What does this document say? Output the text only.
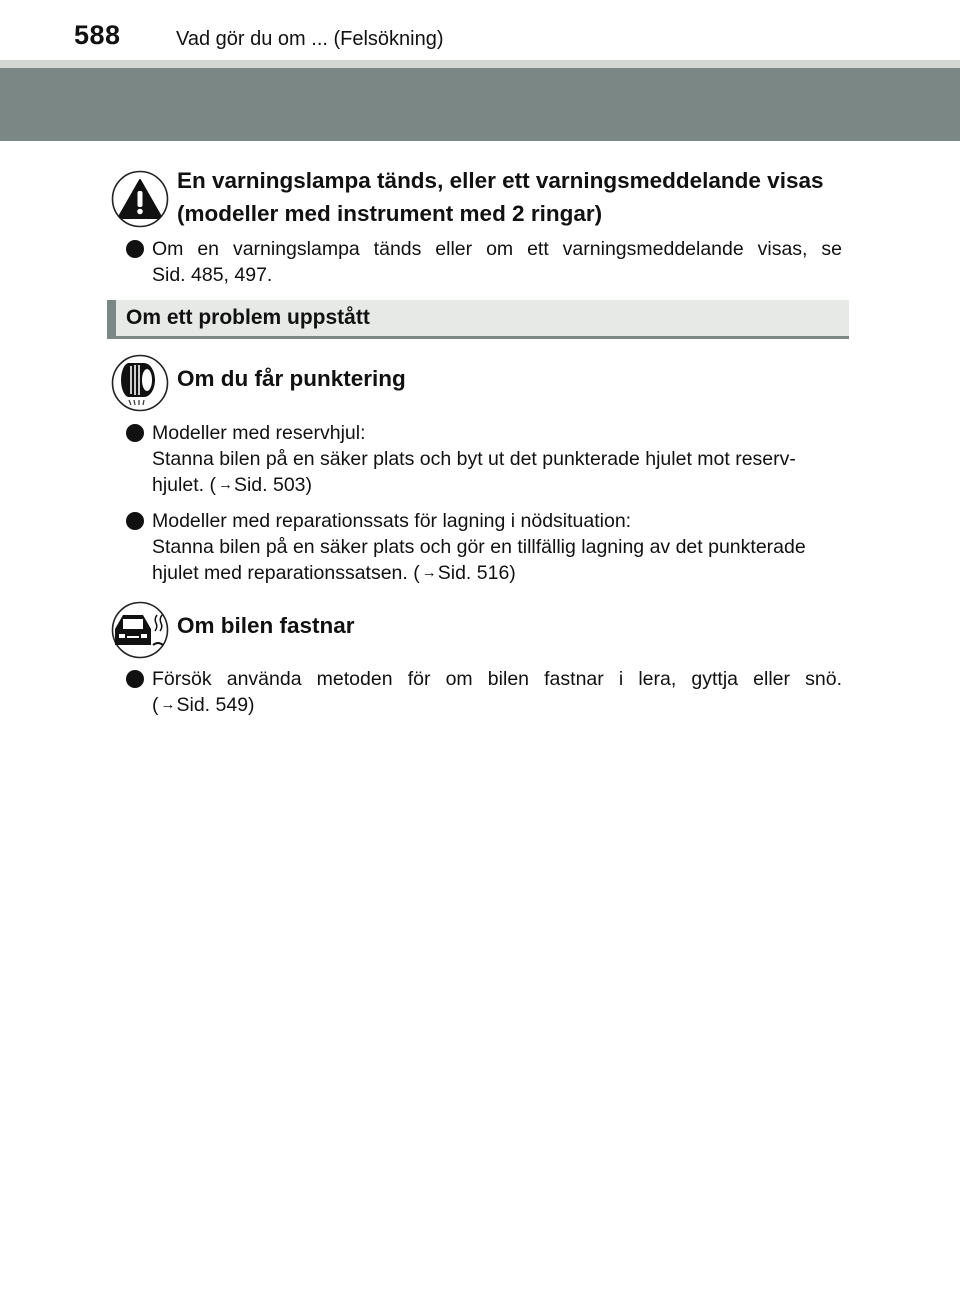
588	Vad gör du om ... (Felsökning)
En varningslampa tänds, eller ett varningsmeddelande visas
(modeller med instrument med 2 ringar)
Om en varningslampa tänds eller om ett varningsmeddelande visas, se
Sid. 485, 497.
Om ett problem uppstått
Om du får punktering
Modeller med reservhjul:
Stanna bilen på en säker plats och byt ut det punkterade hjulet mot reserv-
hjulet. ( →Sid. 503)
Modeller med reparationssats för lagning i nödsituation:
Stanna bilen på en säker plats och gör en tillfällig lagning av det punkterade
hjulet med reparationssatsen. ( →Sid. 516)
Om bilen fastnar
Försök använda metoden för om bilen fastnar i lera, gyttja eller snö.
( →Sid. 549)
